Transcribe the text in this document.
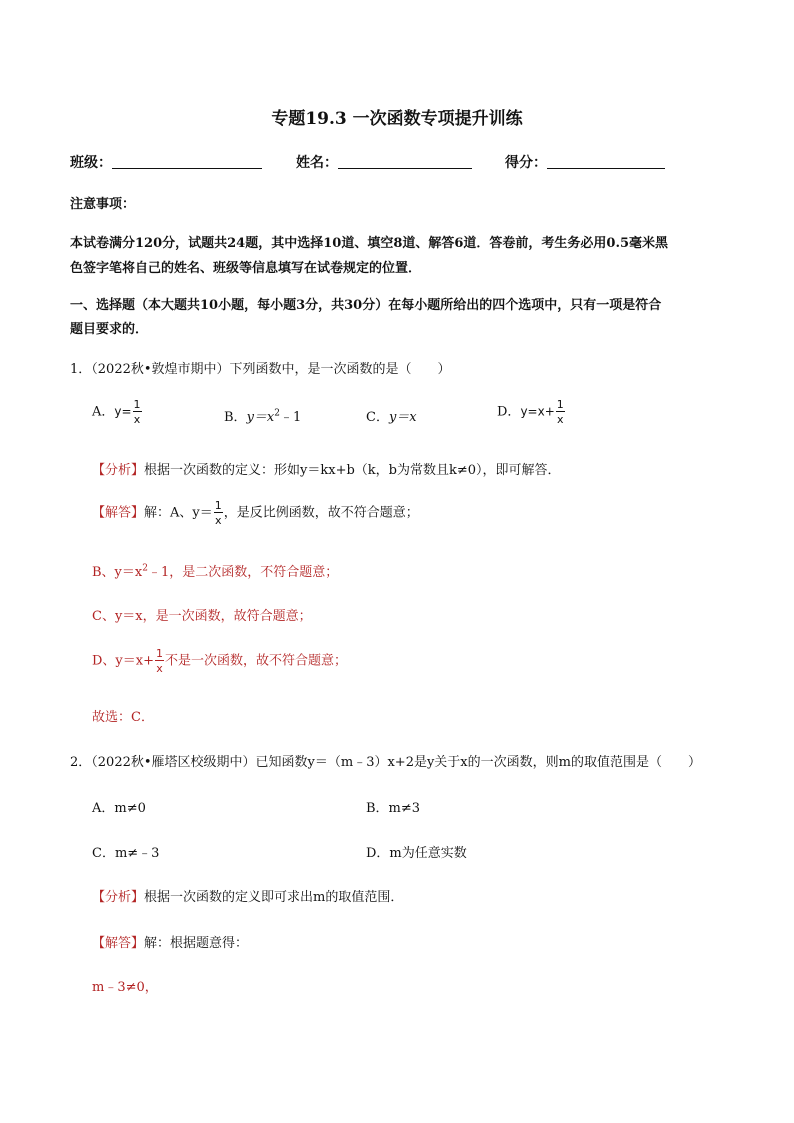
专题19.3 一次函数专项提升训练
班级：	姓名：	得分：
注意事项：
本试卷满分120分，试题共24题，其中选择10道、填空8道、解答6道．答卷前，考生务必用0.5毫米黑
色签字笔将自己的姓名、班级等信息填写在试卷规定的位置．
一、选择题（本大题共10小题，每小题3分，共30分）在每小题所给出的四个选项中，只有一项是符合
题目要求的．
1．（2022秋•敦煌市期中）下列函数中，是一次函数的是（　　）
A．$y= \frac{1}{x}$	B．$y=x^2﹣1$	C．y＝x	D．$y=x+ \frac{1}{x}$
【分析】根据一次函数的定义：形如y＝kx+b（k，b为常数且k≠0），即可解答．
【解答】解：A、$y= \frac{1}{x}$ ，是反比例函数，故不符合题意；
B、$y=x^2﹣1$，是二次函数，不符合题意；
C、y＝x，是一次函数，故符合题意；
D、$y=x+ \frac{1}{x}$ 不是一次函数，故不符合题意；
故选：C．
2．（2022秋•雁塔区校级期中）已知函数y＝（m﹣3）x+2是y关于x的一次函数，则m的取值范围是（　　）
A．m≠0	B．m≠3
C．m≠﹣3	D．m为任意实数
【分析】根据一次函数的定义即可求出m的取值范围．
【解答】解：根据题意得：
m﹣3≠0，
